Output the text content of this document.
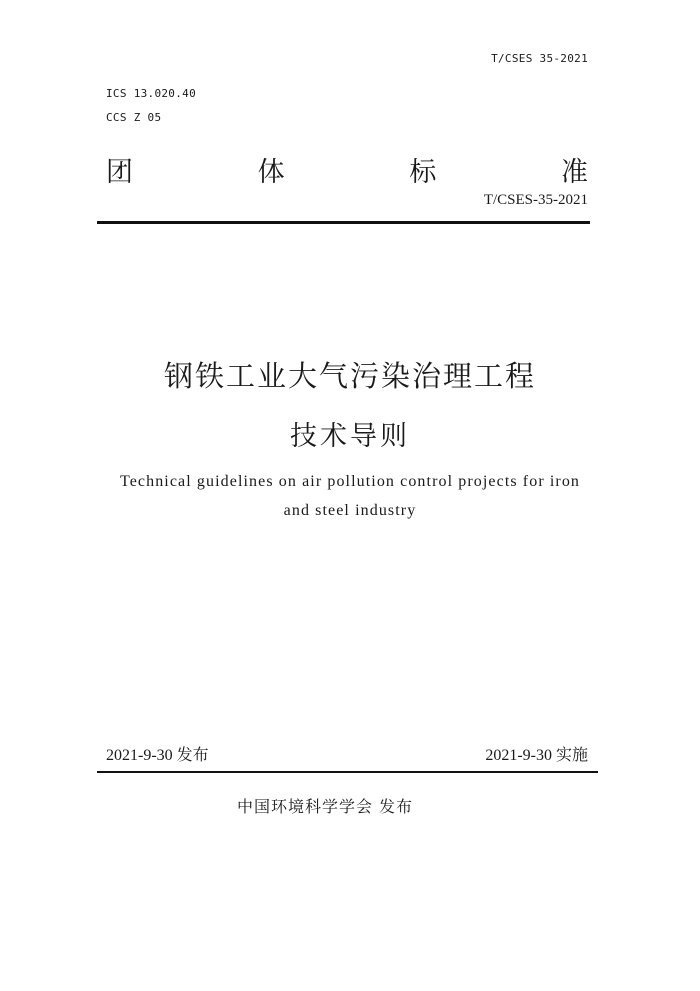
T/CSES 35-2021
ICS 13.020.40
CCS Z 05
团	体	标	准
T/CSES-35-2021
钢铁工业大气污染治理工程
技术导则
Technical guidelines on air pollution control projects for iron
and steel industry
2021-9-30 发布	2021-9-30 实施
中国环境科学学会 发布
